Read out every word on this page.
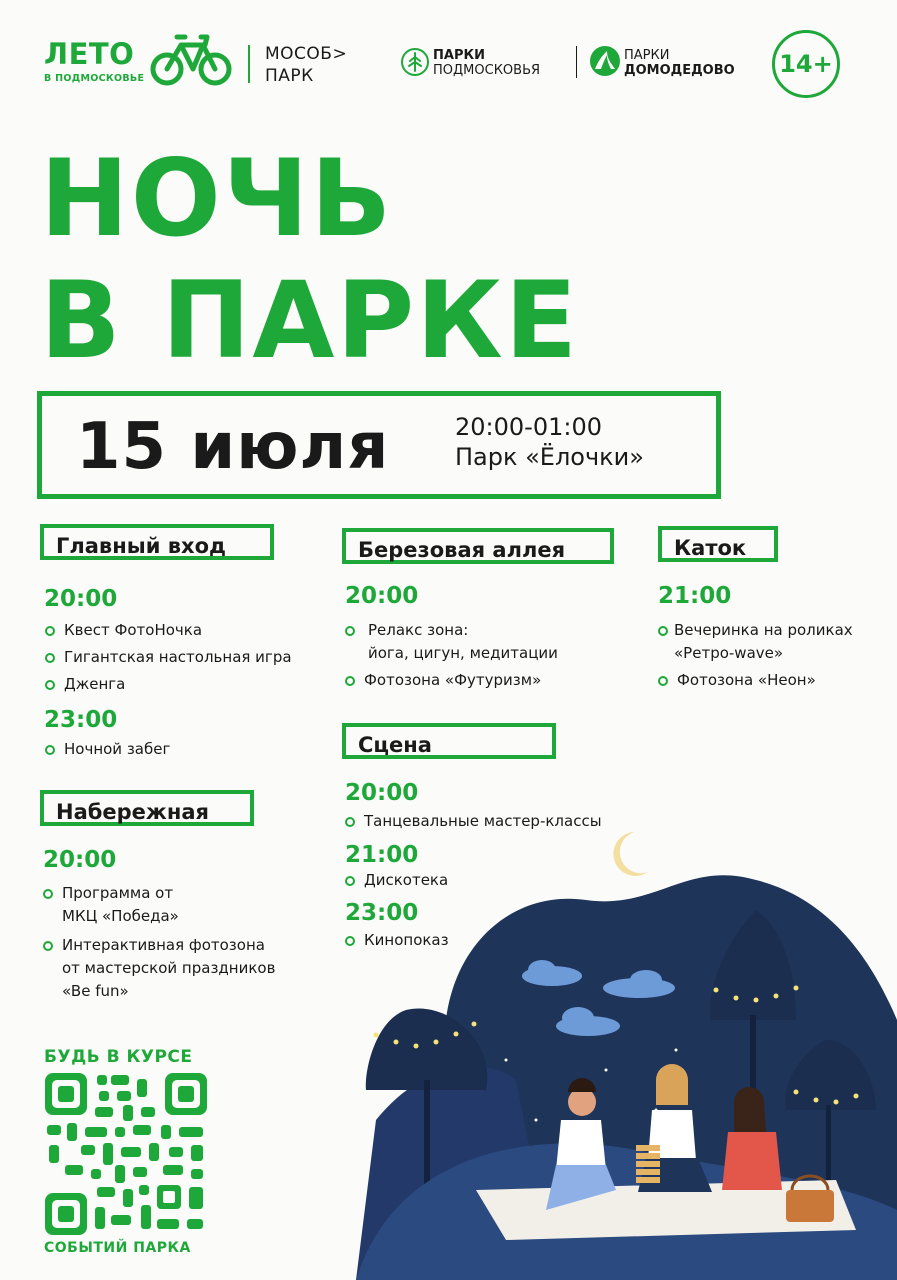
ЛЕТО
В ПОДМОСКОВЬЕ
МОСОБ>
ПАРК
ПАРКИ
ПОДМОСКОВЬЯ
ПАРКИ
ДОМОДЕДОВО	14+
НОЧЬ
В ПАРКЕ
15 июля	20:00-01:00
Парк «Ёлочки»
Главный вход
20:00
Квест ФотоНочка
Гигантская настольная игра
Дженга
23:00
Ночной забег
Березовая аллея
20:00
Релакс зона:
йога, цигун, медитации
Фотозона «Футуризм»
Каток
21:00
Вечеринка на роликах
«Ретро-wave»
Фотозона «Неон»
Сцена
20:00
Танцевальные мастер-классы
21:00
Дискотека
23:00
Кинопоказ
Набережная
20:00
Программа от
МКЦ «Победа»
Интерактивная фотозона
от мастерской праздников
«Be fun»
БУДЬ В КУРСЕ
СОБЫТИЙ ПАРКА
